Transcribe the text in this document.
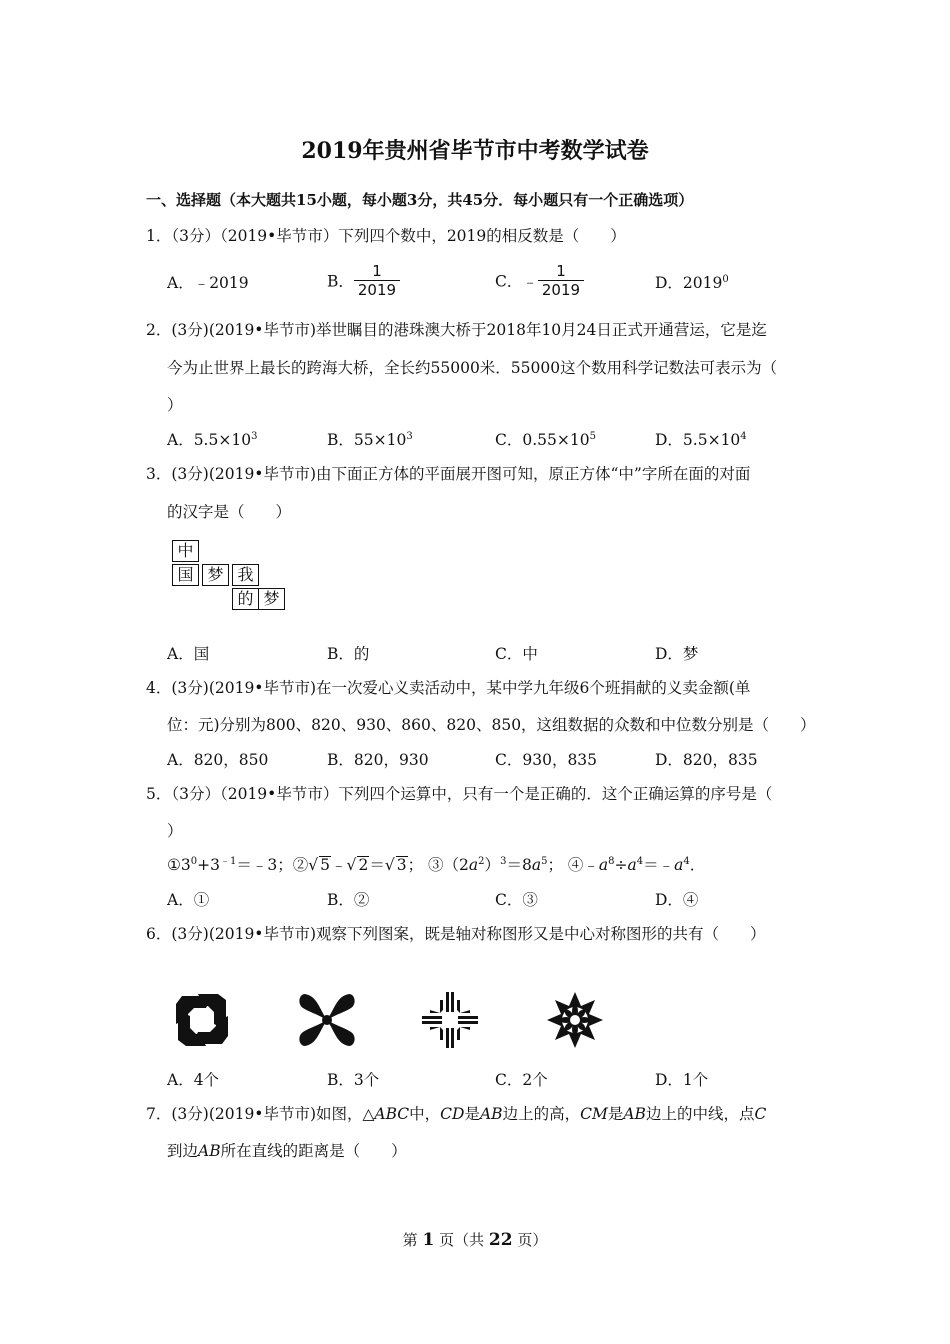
2019年贵州省毕节市中考数学试卷
一、选择题（本大题共15小题，每小题3分，共45分．每小题只有一个正确选项）
1．（3分）（2019•毕节市）下列四个数中，2019的相反数是（　　）
A．﹣2019	B． $\frac{1}{2019}$	C．﹣ $\frac{1}{2019}$	D．2019$^0$
2．(3分)(2019•毕节市)举世瞩目的港珠澳大桥于2018年10月24日正式开通营运，它是迄
今为止世界上最长的跨海大桥，全长约55000米．55000这个数用科学记数法可表示为（
）
A．$5.5\times 10^3$	B．$55\times 10^3$	C．$0.55\times 10^5$	D．$5.5\times 10^4$
3．(3分)(2019•毕节市)由下面正方体的平面展开图可知，原正方体“中”字所在面的对面
的汉字是（　　）
中
国 梦 我
的 梦
A．国	B．的	C．中	D．梦
4．(3分)(2019•毕节市)在一次爱心义卖活动中，某中学九年级6个班捐献的义卖金额(单
位：元)分别为800、820、930、860、820、850，这组数据的众数和中位数分别是（　　）
A．820，850	B．820，930	C．930，835	D．820，835
5．（3分）（2019•毕节市）下列四个运算中，只有一个是正确的．这个正确运算的序号是（
）
$①3^0+3^{﹣1}=﹣3$；②√ 5﹣√ 2＝√ 3； $③(2a^2)^3=8a^5$； $④﹣a^8\div a^4=﹣a^4$．
A．①	B．②	C．③	D．④
6．(3分)(2019•毕节市)观察下列图案，既是轴对称图形又是中心对称图形的共有（　　）
A．4个	B．3个	C．2个	D．1个
7．(3分)(2019•毕节市)如图，△ABC中，CD是AB边上的高，CM是AB边上的中线，点C
到边AB所在直线的距离是（　　）
第 1 页（共 22 页）
